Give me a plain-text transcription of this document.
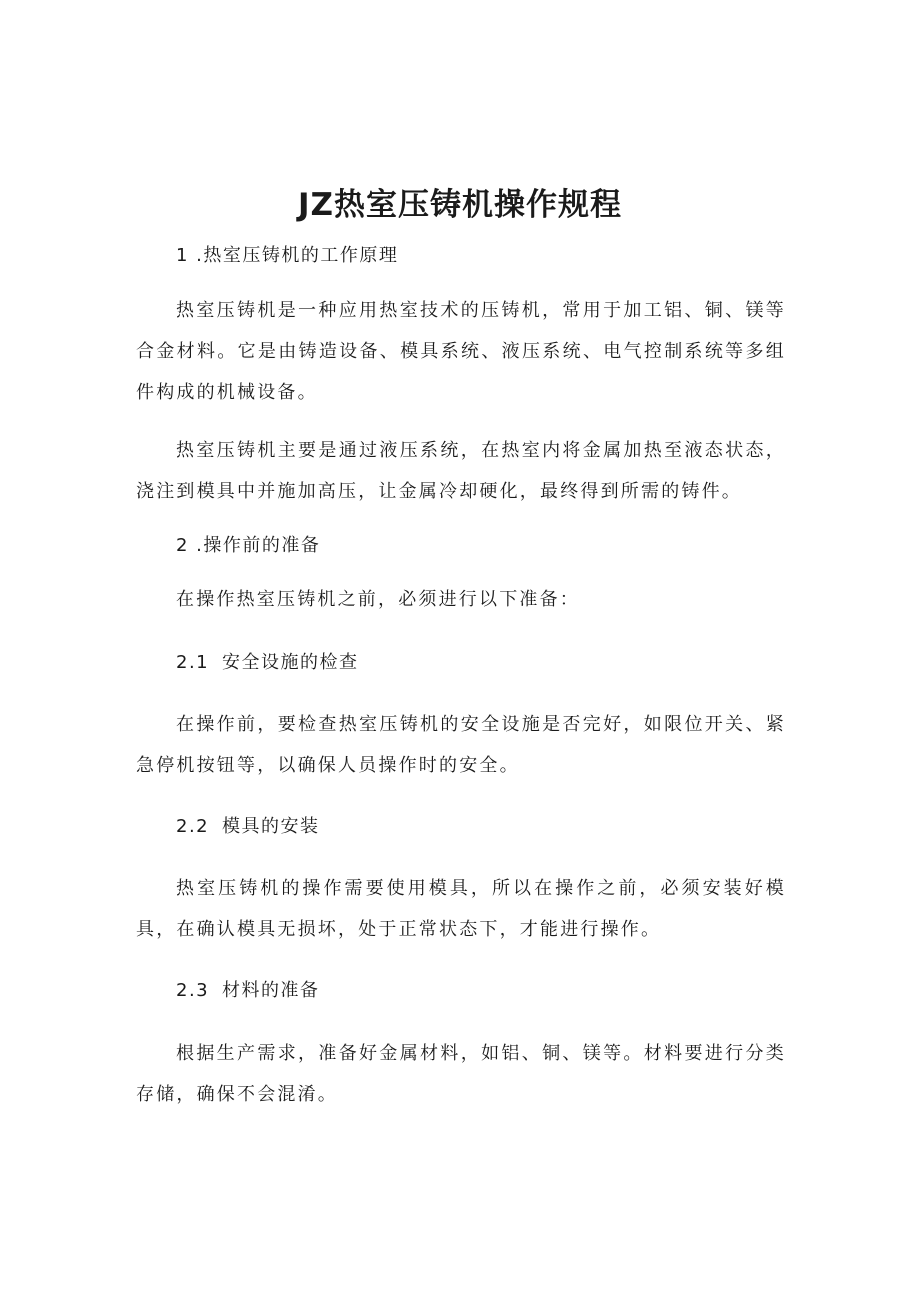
JZ热室压铸机操作规程
1 .热室压铸机的工作原理
热室压铸机是一种应用热室技术的压铸机，常用于加工铝、铜、镁等合金材料。它是由铸造设备、模具系统、液压系统、电气控制系统等多组件构成的机械设备。
热室压铸机主要是通过液压系统，在热室内将金属加热至液态状态，浇注到模具中并施加高压，让金属冷却硬化，最终得到所需的铸件。
2 .操作前的准备
在操作热室压铸机之前，必须进行以下准备：
2.1 安全设施的检查
在操作前，要检查热室压铸机的安全设施是否完好，如限位开关、紧急停机按钮等，以确保人员操作时的安全。
2.2 模具的安装
热室压铸机的操作需要使用模具，所以在操作之前，必须安装好模具，在确认模具无损坏，处于正常状态下，才能进行操作。
2.3 材料的准备
根据生产需求，准备好金属材料，如铝、铜、镁等。材料要进行分类存储，确保不会混淆。
